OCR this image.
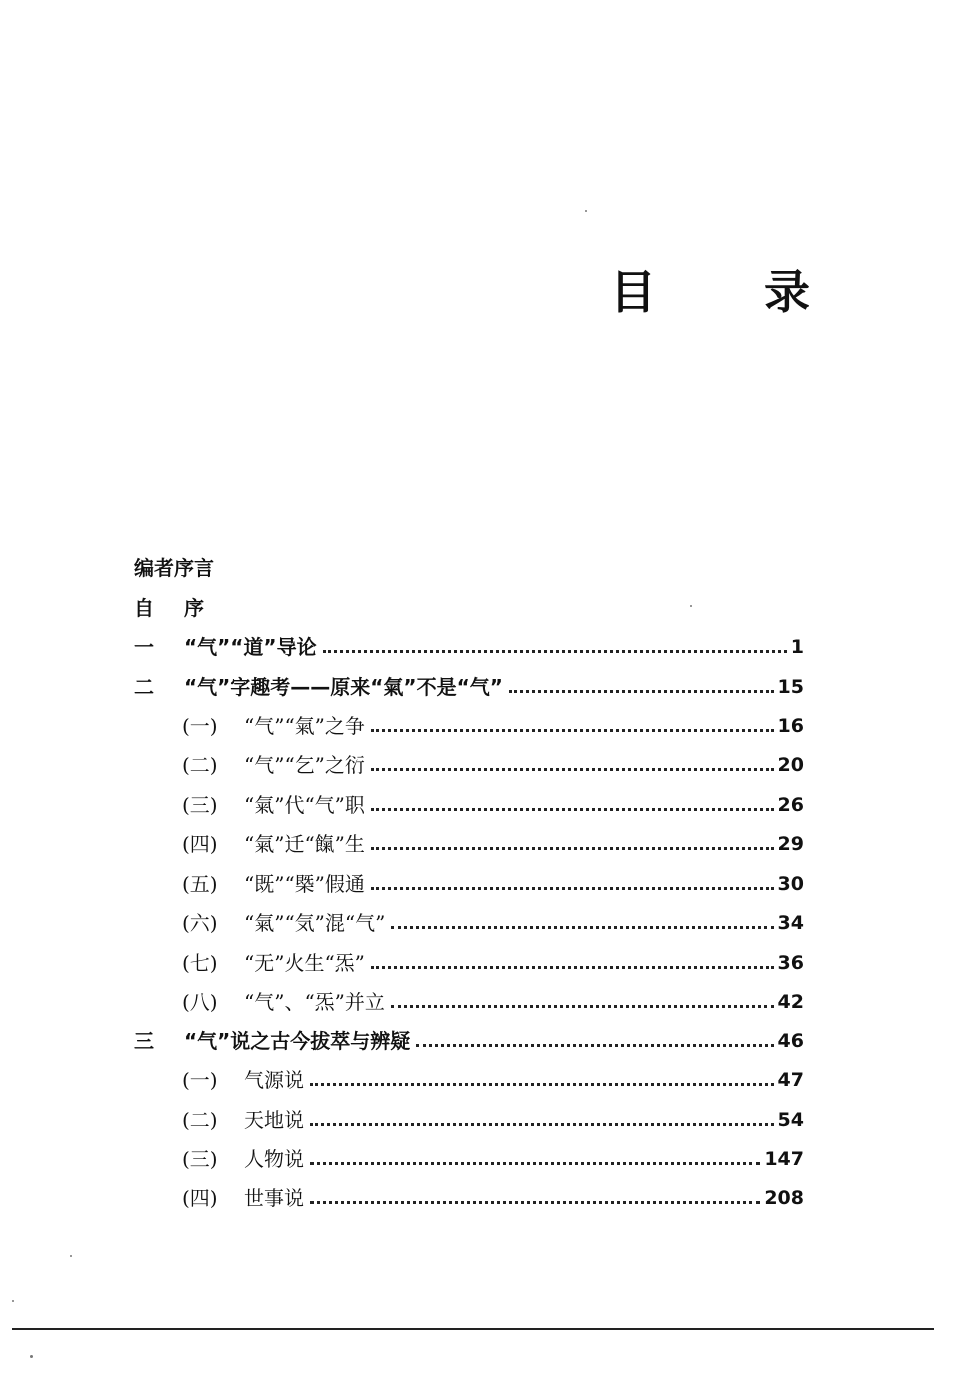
目 录
编者序言
自	序
一	“气”“道”导论	1
二	“气”字趣考——原来“氣”不是“气”	15
(一)	“气”“氣”之争	16
(二)	“气”“乞”之衍	20
(三)	“氣”代“气”职	26
(四)	“氣”迁“餼”生	29
(五)	“既”“槩”假通	30
(六)	“氣”“気”混“气”	34
(七)	“无”火生“炁”	36
(八)	“气”、“炁”并立	42
三	“气”说之古今拔萃与辨疑	46
(一)	气源说	47
(二)	天地说	54
(三)	人物说	147
(四)	世事说	208
